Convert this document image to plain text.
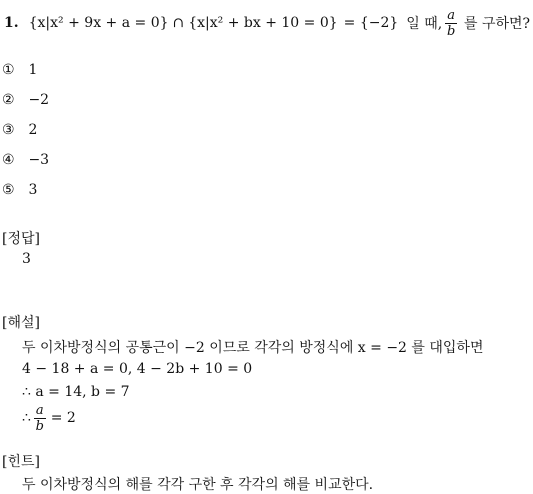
1. {x|x² + 9x + a = 0} ∩ {x|x² + bx + 10 = 0} = {−2} 일 때, $\frac{a}{b}$ 를 구하면?
① 1
② −2
③ 2
④ −3
⑤ 3
[정답]
3
[해설]
두 이차방정식의 공통근이 −2 이므로 각각의 방정식에 x = −2 를 대입하면
4 − 18 + a = 0, 4 − 2b + 10 = 0
∴ a = 14, b = 7
∴ $\frac{a}{b} = 2$
[힌트]
두 이차방정식의 해를 각각 구한 후 각각의 해를 비교한다.
